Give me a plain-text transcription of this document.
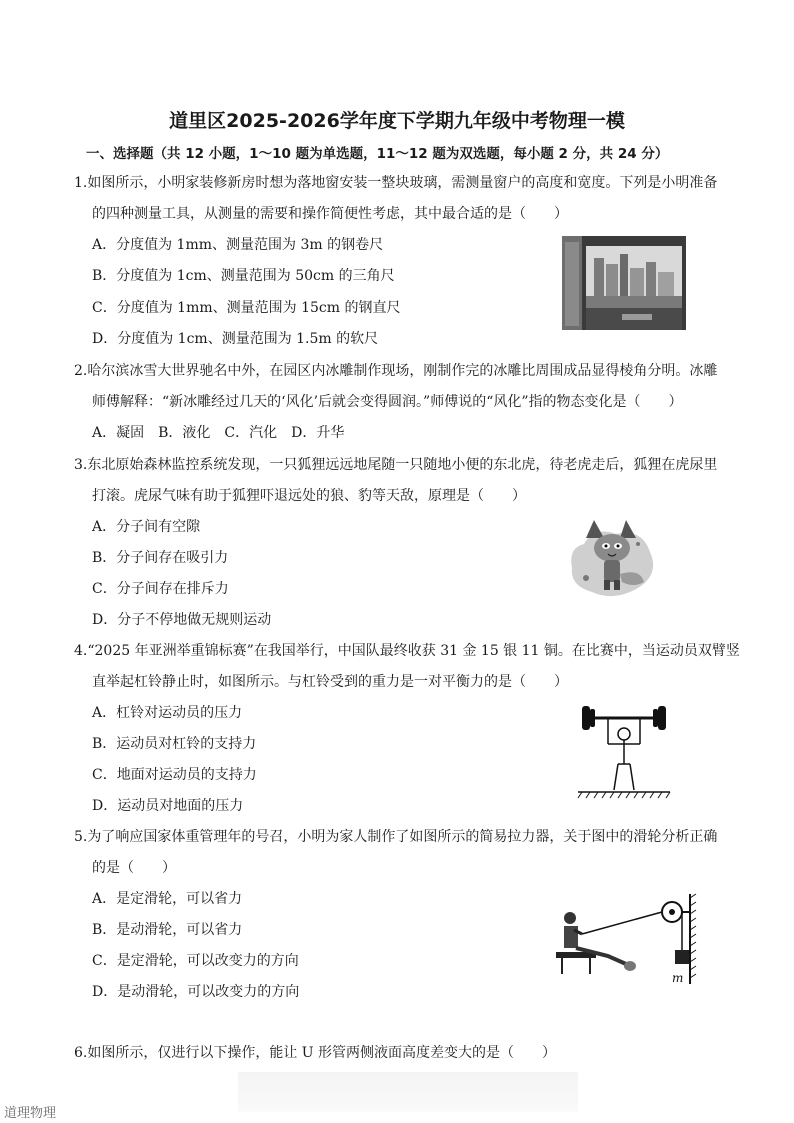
道里区2025-2026学年度下学期九年级中考物理一模
一、选择题（共 12 小题，1～10 题为单选题，11～12 题为双选题，每小题 2 分，共 24 分）
1.如图所示，小明家装修新房时想为落地窗安装一整块玻璃，需测量窗户的高度和宽度。下列是小明准备
的四种测量工具，从测量的需要和操作简便性考虑，其中最合适的是（　　）
A．分度值为 1mm、测量范围为 3m 的钢卷尺
B．分度值为 1cm、测量范围为 50cm 的三角尺
C．分度值为 1mm、测量范围为 15cm 的钢直尺
D．分度值为 1cm、测量范围为 1.5m 的软尺
2.哈尔滨冰雪大世界驰名中外，在园区内冰雕制作现场，刚制作完的冰雕比周围成品显得棱角分明。冰雕
师傅解释：“新冰雕经过几天的‘风化’后就会变得圆润。”师傅说的“风化”指的物态变化是（　　）
A．凝固　B．液化　C．汽化　D．升华
3.东北原始森林监控系统发现，一只狐狸远远地尾随一只随地小便的东北虎，待老虎走后，狐狸在虎尿里
打滚。虎尿气味有助于狐狸吓退远处的狼、豹等天敌，原理是（　　）
A．分子间有空隙
B．分子间存在吸引力
C．分子间存在排斥力
D．分子不停地做无规则运动
4.“2025 年亚洲举重锦标赛”在我国举行，中国队最终收获 31 金 15 银 11 铜。在比赛中，当运动员双臂竖
直举起杠铃静止时，如图所示。与杠铃受到的重力是一对平衡力的是（　　）
A．杠铃对运动员的压力
B．运动员对杠铃的支持力
C．地面对运动员的支持力
D．运动员对地面的压力
5.为了响应国家体重管理年的号召，小明为家人制作了如图所示的简易拉力器，关于图中的滑轮分析正确
的是（　　）
A．是定滑轮，可以省力
B．是动滑轮，可以省力
C．是定滑轮，可以改变力的方向
D．是动滑轮，可以改变力的方向
m
6.如图所示，仅进行以下操作，能让 U 形管两侧液面高度差变大的是（　　）
道理物理
